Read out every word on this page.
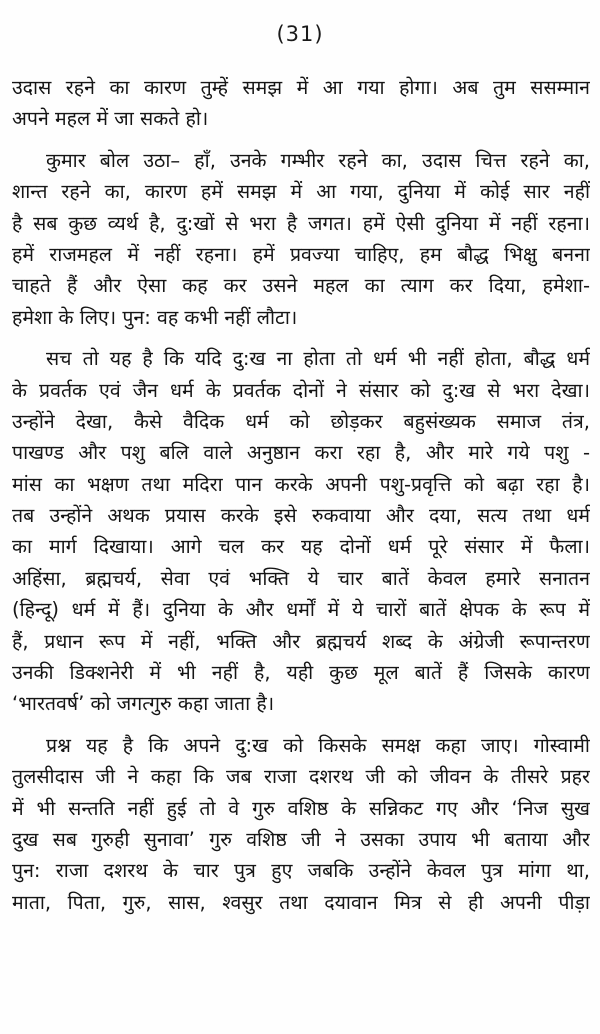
(31)
उदास रहने का कारण तुम्हें समझ में आ गया होगा। अब तुम ससम्मान
अपने महल में जा सकते हो।
कुमार बोल उठा– हाँ, उनके गम्भीर रहने का, उदास चित्त रहने का,
शान्त रहने का, कारण हमें समझ में आ गया, दुनिया में कोई सार नहीं
है सब कुछ व्यर्थ है, दु:खों से भरा है जगत। हमें ऐसी दुनिया में नहीं रहना।
हमें राजमहल में नहीं रहना। हमें प्रवज्या चाहिए, हम बौद्ध भिक्षु बनना
चाहते हैं और ऐसा कह कर उसने महल का त्याग कर दिया, हमेशा-
हमेशा के लिए। पुन: वह कभी नहीं लौटा।
सच तो यह है कि यदि दु:ख ना होता तो धर्म भी नहीं होता, बौद्ध धर्म
के प्रवर्तक एवं जैन धर्म के प्रवर्तक दोनों ने संसार को दु:ख से भरा देखा।
उन्होंने देखा, कैसे वैदिक धर्म को छोड़कर बहुसंख्यक समाज तंत्र,
पाखण्ड और पशु बलि वाले अनुष्ठान करा रहा है, और मारे गये पशु -
मांस का भक्षण तथा मदिरा पान करके अपनी पशु-प्रवृत्ति को बढ़ा रहा है।
तब उन्होंने अथक प्रयास करके इसे रुकवाया और दया, सत्य तथा धर्म
का मार्ग दिखाया। आगे चल कर यह दोनों धर्म पूरे संसार में फैला।
अहिंसा, ब्रह्मचर्य, सेवा एवं भक्ति ये चार बातें केवल हमारे सनातन
(हिन्दू) धर्म में हैं। दुनिया के और धर्मों में ये चारों बातें क्षेपक के रूप में
हैं, प्रधान रूप में नहीं, भक्ति और ब्रह्मचर्य शब्द के अंग्रेजी रूपान्तरण
उनकी डिक्शनेरी में भी नहीं है, यही कुछ मूल बातें हैं जिसके कारण
‘भारतवर्ष’ को जगत्गुरु कहा जाता है।
प्रश्न यह है कि अपने दु:ख को किसके समक्ष कहा जाए। गोस्वामी
तुलसीदास जी ने कहा कि जब राजा दशरथ जी को जीवन के तीसरे प्रहर
में भी सन्तति नहीं हुई तो वे गुरु वशिष्ठ के सन्निकट गए और ‘निज सुख
दुख सब गुरुही सुनावा’ गुरु वशिष्ठ जी ने उसका उपाय भी बताया और
पुन: राजा दशरथ के चार पुत्र हुए जबकि उन्होंने केवल पुत्र मांगा था,
माता, पिता, गुरु, सास, श्वसुर तथा दयावान मित्र से ही अपनी पीड़ा
